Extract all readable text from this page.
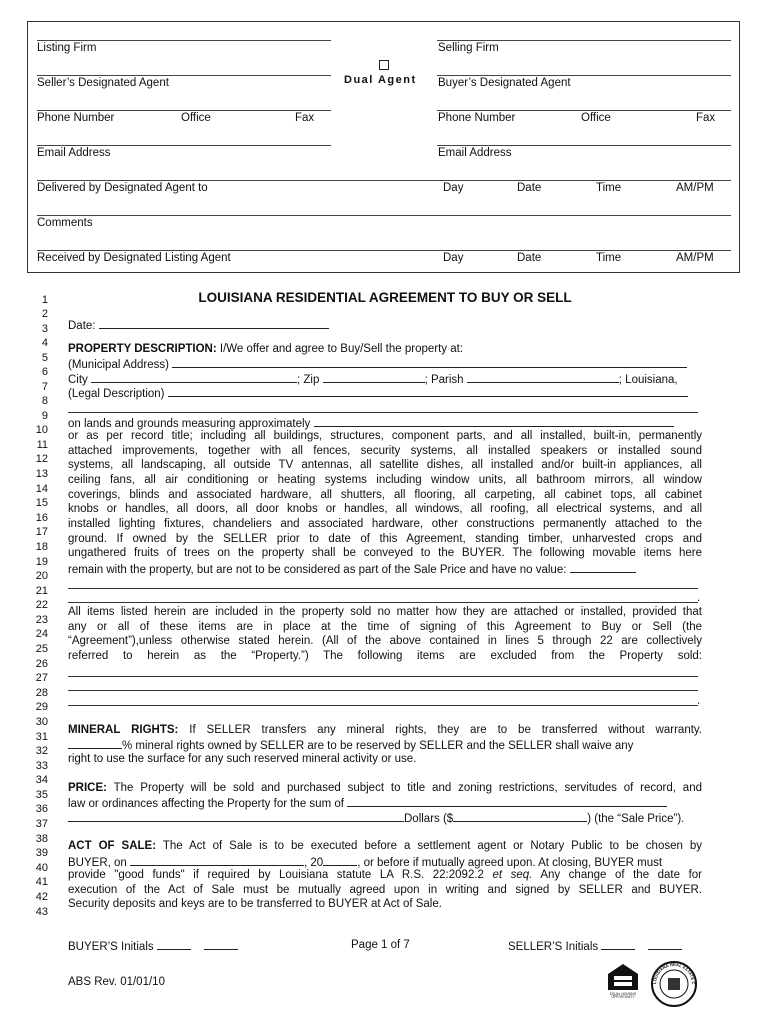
Listing Firm	Selling Firm
Dual Agent
Seller’s Designated Agent	Buyer’s Designated Agent
Phone Number	Office	Fax	Phone Number	Office	Fax
Email Address	Email Address
Delivered by Designated Agent to	Day	Date	Time	AM/PM
Comments
Received by Designated Listing Agent	Day	Date	Time	AM/PM
LOUISIANA RESIDENTIAL AGREEMENT TO BUY OR SELL
1
2
3
4
5
6
7
8
9
10
11
12
13
14
15
16
17
18
19
20
21
22
23
24
25
26
27
28
29
30
31
32
33
34
35
36
37
38
39
40
41
42
43
Date:
PROPERTY DESCRIPTION: I/We offer and agree to Buy/Sell the property at:
(Municipal Address)
City	; Zip	; Parish	; Louisiana,
(Legal Description)
on lands and grounds measuring approximately
or as per record title; including all buildings, structures, component parts, and all installed, built-in, permanently
attached improvements, together with all fences, security systems, all installed speakers or installed sound
systems, all landscaping, all outside TV antennas, all satellite dishes, all installed and/or built-in appliances, all
ceiling fans, all air conditioning or heating systems including window units, all bathroom mirrors, all window
coverings, blinds and associated hardware, all shutters, all flooring, all carpeting, all cabinet tops, all cabinet
knobs or handles, all doors, all door knobs or handles, all windows, all roofing, all electrical systems, and all
installed lighting fixtures, chandeliers and associated hardware, other constructions permanently attached to the
ground. If owned by the SELLER prior to date of this Agreement, standing timber, unharvested crops and
ungathered fruits of trees on the property shall be conveyed to the BUYER. The following movable items here
remain with the property, but are not to be considered as part of the Sale Price and have no value:
.
All items listed herein are included in the property sold no matter how they are attached or installed, provided that
any or all of these items are in place at the time of signing of this Agreement to Buy or Sell (the
“Agreement”),unless otherwise stated herein. (All of the above contained in lines 5 through 22 are collectively
referred to herein as the “Property.”) The following items are excluded from the Property sold:
.
MINERAL RIGHTS: If SELLER transfers any mineral rights, they are to be transferred without warranty.
% mineral rights owned by SELLER are to be reserved by SELLER and the SELLER shall waive any
right to use the surface for any such reserved mineral activity or use.
PRICE: The Property will be sold and purchased subject to title and zoning restrictions, servitudes of record, and
law or ordinances affecting the Property for the sum of
Dollars ($	) (the “Sale Price”).
ACT OF SALE: The Act of Sale is to be executed before a settlement agent or Notary Public to be chosen by
BUYER, on	, 20	, or before if mutually agreed upon. At closing, BUYER must
provide "good funds" if required by Louisiana statute LA R.S. 22:2092.2 et seq. Any change of the date for
execution of the Act of Sale must be mutually agreed upon in writing and signed by SELLER and BUYER.
Security deposits and keys are to be transferred to BUYER at Act of Sale.
BUYER’S Initials	Page 1 of 7	SELLER’S Initials
ABS Rev. 01/01/10
EQUAL HOUSING
OPPORTUNITY
LOUISIANA REAL ESTATE C
